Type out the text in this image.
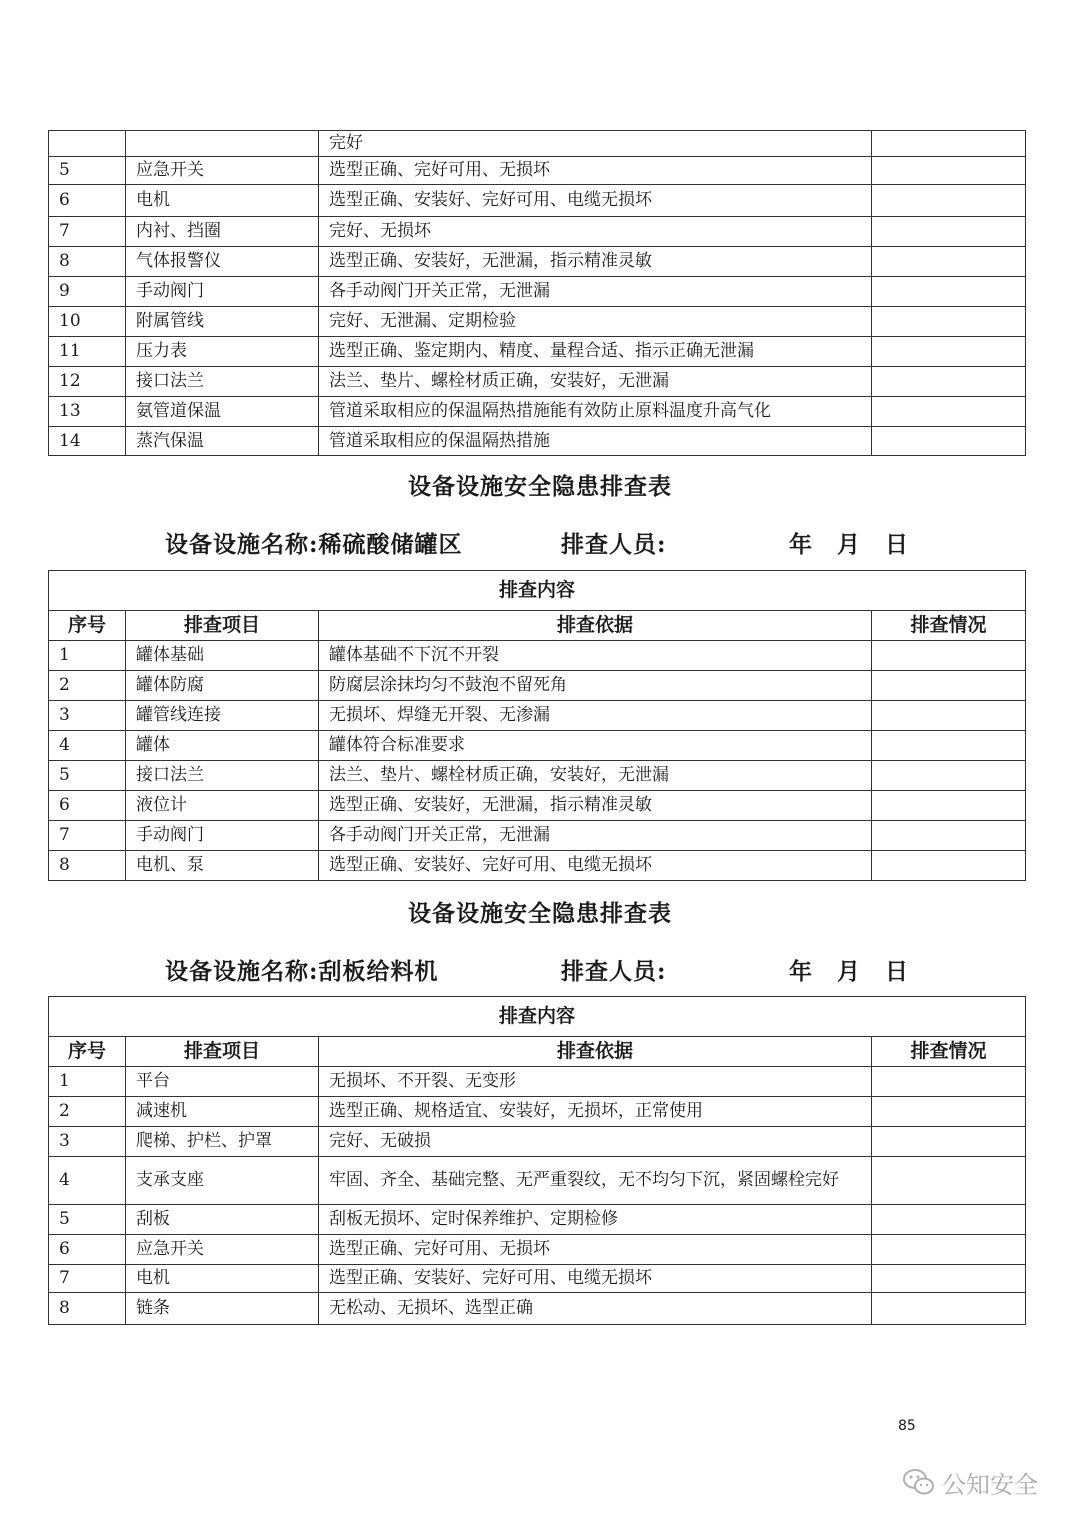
		完好	
5	应急开关	选型正确、完好可用、无损坏	
6	电机	选型正确、安装好、完好可用、电缆无损坏	
7	内衬、挡圈	完好、无损坏	
8	气体报警仪	选型正确、安装好，无泄漏，指示精准灵敏	
9	手动阀门	各手动阀门开关正常，无泄漏	
10	附属管线	完好、无泄漏、定期检验	
11	压力表	选型正确、鉴定期内、精度、量程合适、指示正确无泄漏	
12	接口法兰	法兰、垫片、螺栓材质正确，安装好，无泄漏	
13	氨管道保温	管道采取相应的保温隔热措施能有效防止原料温度升高气化	
14	蒸汽保温	管道采取相应的保温隔热措施	
设备设施安全隐患排查表
设备设施名称:稀硫酸储罐区	排查人员:	年　月　日
排查内容			
序号	排查项目	排查依据	排查情况
1	罐体基础	罐体基础不下沉不开裂	
2	罐体防腐	防腐层涂抹均匀不鼓泡不留死角	
3	罐管线连接	无损坏、焊缝无开裂、无渗漏	
4	罐体	罐体符合标准要求	
5	接口法兰	法兰、垫片、螺栓材质正确，安装好，无泄漏	
6	液位计	选型正确、安装好，无泄漏，指示精准灵敏	
7	手动阀门	各手动阀门开关正常，无泄漏	
8	电机、泵	选型正确、安装好、完好可用、电缆无损坏	
设备设施安全隐患排查表
设备设施名称:刮板给料机	排查人员:	年　月　日
排查内容			
序号	排查项目	排查依据	排查情况
1	平台	无损坏、不开裂、无变形	
2	减速机	选型正确、规格适宜、安装好，无损坏，正常使用	
3	爬梯、护栏、护罩	完好、无破损	
4	支承支座	牢固、齐全、基础完整、无严重裂纹，无不均匀下沉，紧固螺栓完好	
5	刮板	刮板无损坏、定时保养维护、定期检修	
6	应急开关	选型正确、完好可用、无损坏	
7	电机	选型正确、安装好、完好可用、电缆无损坏	
8	链条	无松动、无损坏、选型正确	
85
公知安全
